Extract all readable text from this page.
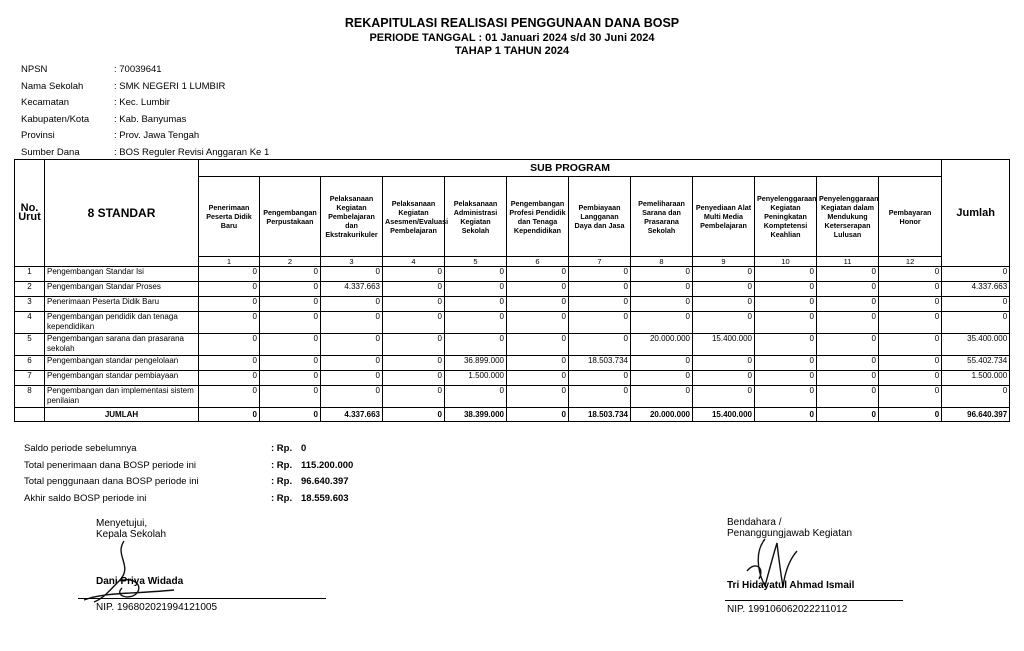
REKAPITULASI REALISASI PENGGUNAAN DANA BOSP
PERIODE TANGGAL : 01 Januari 2024 s/d 30 Juni 2024
TAHAP 1 TAHUN 2024
NPSN	: 70039641
Nama Sekolah	: SMK NEGERI 1 LUMBIR
Kecamatan	: Kec. Lumbir
Kabupaten/Kota	: Kab. Banyumas
Provinsi	: Prov. Jawa Tengah
Sumber Dana	: BOS Reguler Revisi Anggaran Ke 1
No. Urut	8 STANDAR	SUB PROGRAM												Jumlah
		Penerimaan Peserta Didik Baru	Pengembangan Perpustakaan	Pelaksanaan Kegiatan Pembelajaran dan Ekstrakurikuler	Pelaksanaan Kegiatan Asesmen/Evaluasi Pembelajaran	Pelaksanaan Administrasi Kegiatan Sekolah	Pengembangan Profesi Pendidik dan Tenaga Kependidikan	Pembiayaan Langganan Daya dan Jasa	Pemeliharaan Sarana dan Prasarana Sekolah	Penyediaan Alat Multi Media Pembelajaran	Penyelenggaraan Kegiatan Peningkatan Komptetensi Keahlian	Penyelenggaraan Kegiatan dalam Mendukung Keterserapan Lulusan	Pembayaran Honor	
		1	2	3	4	5	6	7	8	9	10	11	12	
1	Pengembangan Standar Isi	0	0	0	0	0	0	0	0	0	0	0	0	0
2	Pengembangan Standar Proses	0	0	4.337.663	0	0	0	0	0	0	0	0	0	4.337.663
3	Penerimaan Peserta Didik Baru	0	0	0	0	0	0	0	0	0	0	0	0	0
4	Pengembangan pendidik dan tenaga kependidikan	0	0	0	0	0	0	0	0	0	0	0	0	0
5	Pengembangan sarana dan prasarana sekolah	0	0	0	0	0	0	0	20.000.000	15.400.000	0	0	0	35.400.000
6	Pengembangan standar pengelolaan	0	0	0	0	36.899.000	0	18.503.734	0	0	0	0	0	55.402.734
7	Pengembangan standar pembiayaan	0	0	0	0	1.500.000	0	0	0	0	0	0	0	1.500.000
8	Pengembangan dan implementasi sistem penilaian	0	0	0	0	0	0	0	0	0	0	0	0	0
	JUMLAH	0	0	4.337.663	0	38.399.000	0	18.503.734	20.000.000	15.400.000	0	0	0	96.640.397
Saldo periode sebelumnya	: Rp. 0
Total penerimaan dana BOSP periode ini	: Rp. 115.200.000
Total penggunaan dana BOSP periode ini	: Rp. 96.640.397
Akhir saldo BOSP periode ini	: Rp. 18.559.603
Menyetujui,
Kepala Sekolah
Dani Priya Widada
NIP. 196802021994121005
Bendahara /
Penanggungjawab Kegiatan
Tri Hidayatul Ahmad Ismail
NIP. 199106062022211012
